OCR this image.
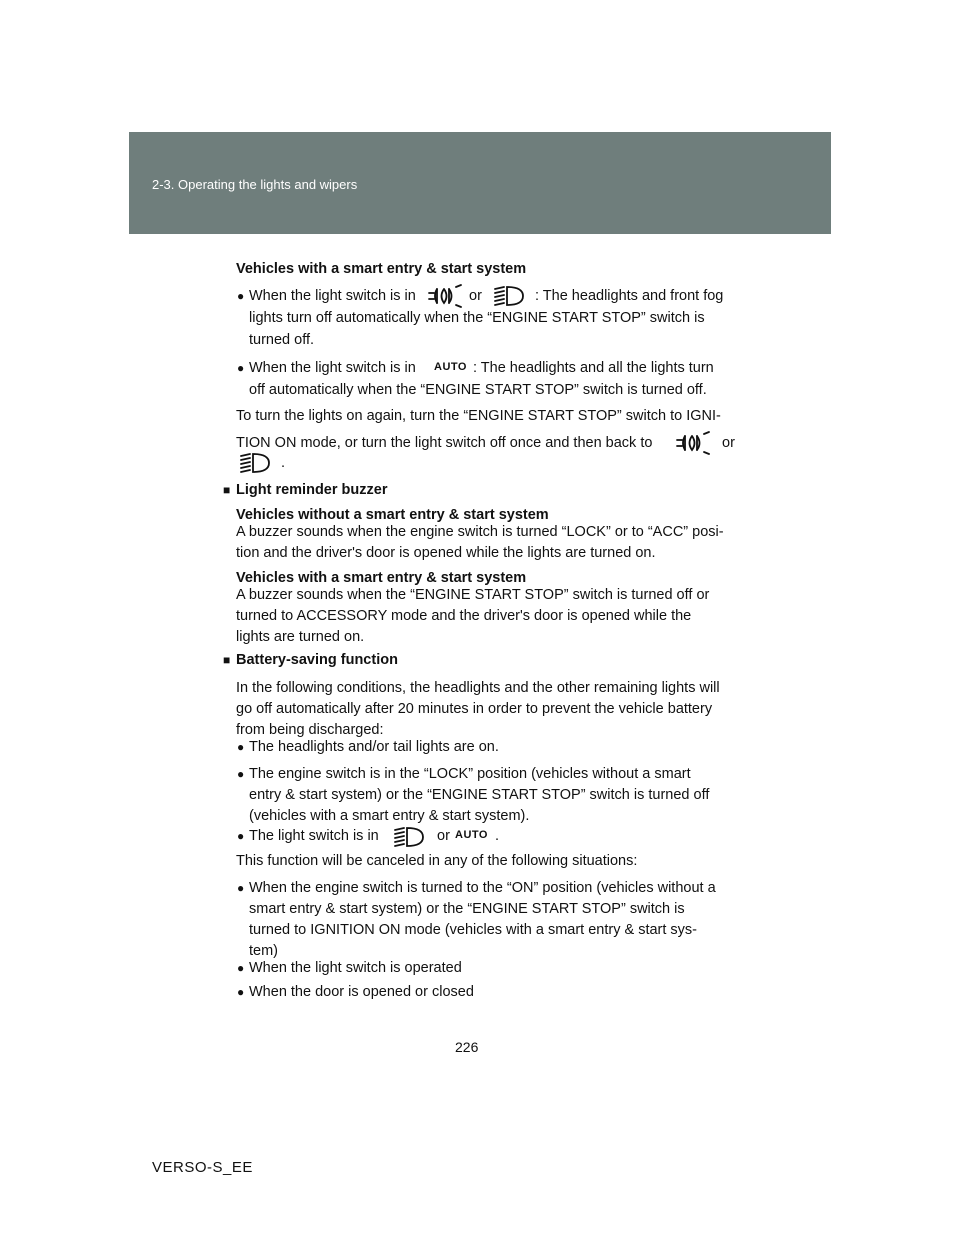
2-3. Operating the lights and wipers
Vehicles with a smart entry & start system
● When the light switch is in	or	: The headlights and front fog
lights turn off automatically when the “ENGINE START STOP” switch is
turned off.
● When the light switch is in AUTO : The headlights and all the lights turn
off automatically when the “ENGINE START STOP” switch is turned off.
To turn the lights on again, turn the “ENGINE START STOP” switch to IGNI-
TION ON mode, or turn the light switch off once and then back to	or
.
■ Light reminder buzzer
Vehicles without a smart entry & start system
A buzzer sounds when the engine switch is turned “LOCK” or to “ACC” posi-
tion and the driver's door is opened while the lights are turned on.
Vehicles with a smart entry & start system
A buzzer sounds when the “ENGINE START STOP” switch is turned off or
turned to ACCESSORY mode and the driver's door is opened while the
lights are turned on.
■ Battery-saving function
In the following conditions, the headlights and the other remaining lights will
go off automatically after 20 minutes in order to prevent the vehicle battery
from being discharged:
● The headlights and/or tail lights are on.
● The engine switch is in the “LOCK” position (vehicles without a smart
entry & start system) or the “ENGINE START STOP” switch is turned off
(vehicles with a smart entry & start system).
● The light switch is in	or AUTO .
This function will be canceled in any of the following situations:
● When the engine switch is turned to the “ON” position (vehicles without a
smart entry & start system) or the “ENGINE START STOP” switch is
turned to IGNITION ON mode (vehicles with a smart entry & start sys-
tem)
● When the light switch is operated
● When the door is opened or closed
226
VERSO-S_EE
